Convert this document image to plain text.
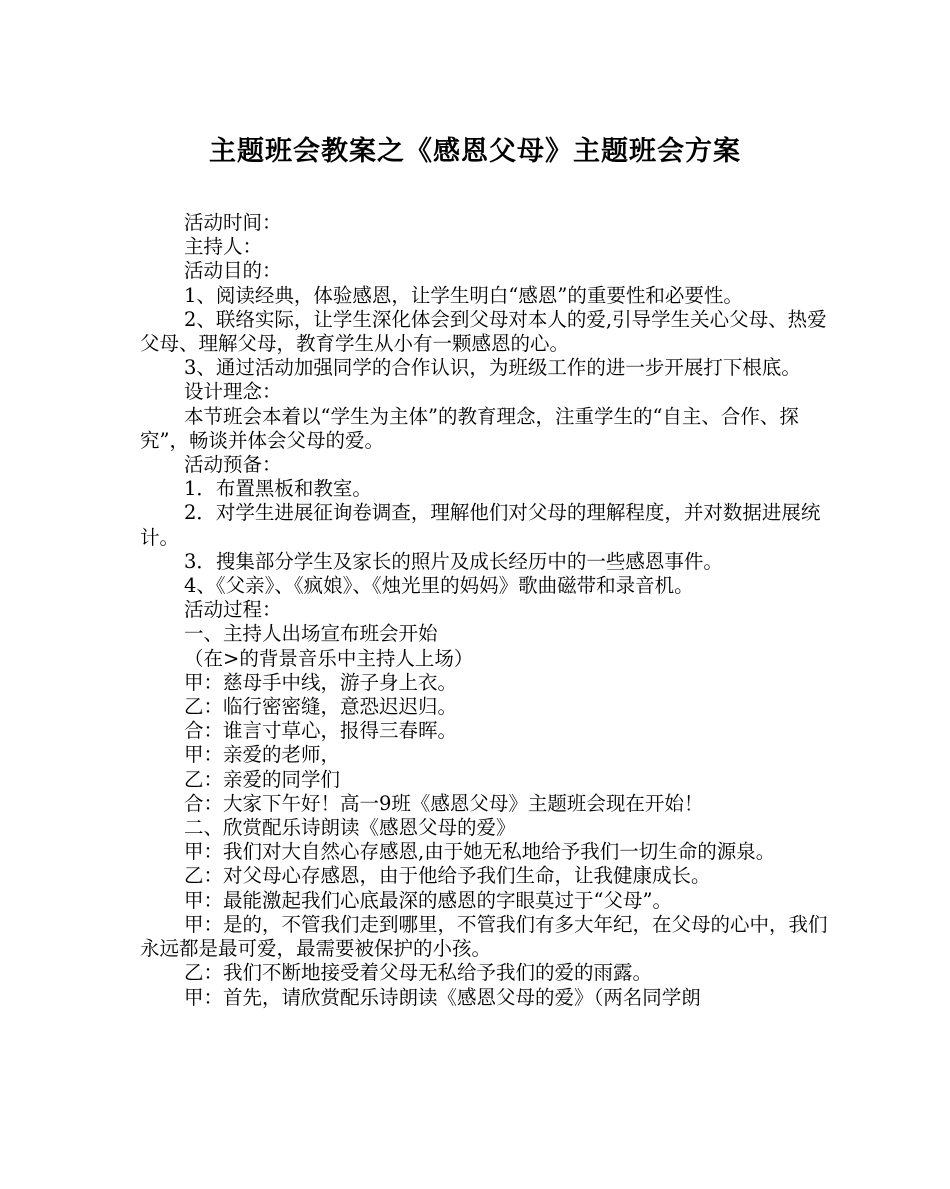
主题班会教案之《感恩父母》主题班会方案

活动时间：

主持人：

活动目的：

1、阅读经典，体验感恩，让学生明白“感恩”的重要性和必要性。

2、联络实际，让学生深化体会到父母对本人的爱,引导学生关心父母、热爱父母、理解父母，教育学生从小有一颗感恩的心。

3、通过活动加强同学的合作认识，为班级工作的进一步开展打下根底。

设计理念：

本节班会本着以“学生为主体”的教育理念，注重学生的“自主、合作、探究”，畅谈并体会父母的爱。

活动预备：

1．布置黑板和教室。

2．对学生进展征询卷调查，理解他们对父母的理解程度，并对数据进展统计。

3．搜集部分学生及家长的照片及成长经历中的一些感恩事件。

4、《父亲》、《疯娘》、《烛光里的妈妈》歌曲磁带和录音机。

活动过程：

一、主持人出场宣布班会开始

（在>的背景音乐中主持人上场）

甲：慈母手中线，游子身上衣。

乙：临行密密缝，意恐迟迟归。

合：谁言寸草心，报得三春晖。

甲：亲爱的老师，

乙：亲爱的同学们

合：大家下午好！高一9班《感恩父母》主题班会现在开始！

二、欣赏配乐诗朗读《感恩父母的爱》

甲：我们对大自然心存感恩,由于她无私地给予我们一切生命的源泉。

乙：对父母心存感恩，由于他给予我们生命，让我健康成长。

甲：最能激起我们心底最深的感恩的字眼莫过于“父母”。

甲：是的，不管我们走到哪里，不管我们有多大年纪，在父母的心中，我们永远都是最可爱，最需要被保护的小孩。

乙：我们不断地接受着父母无私给予我们的爱的雨露。

甲：首先，请欣赏配乐诗朗读《感恩父母的爱》（两名同学朗
